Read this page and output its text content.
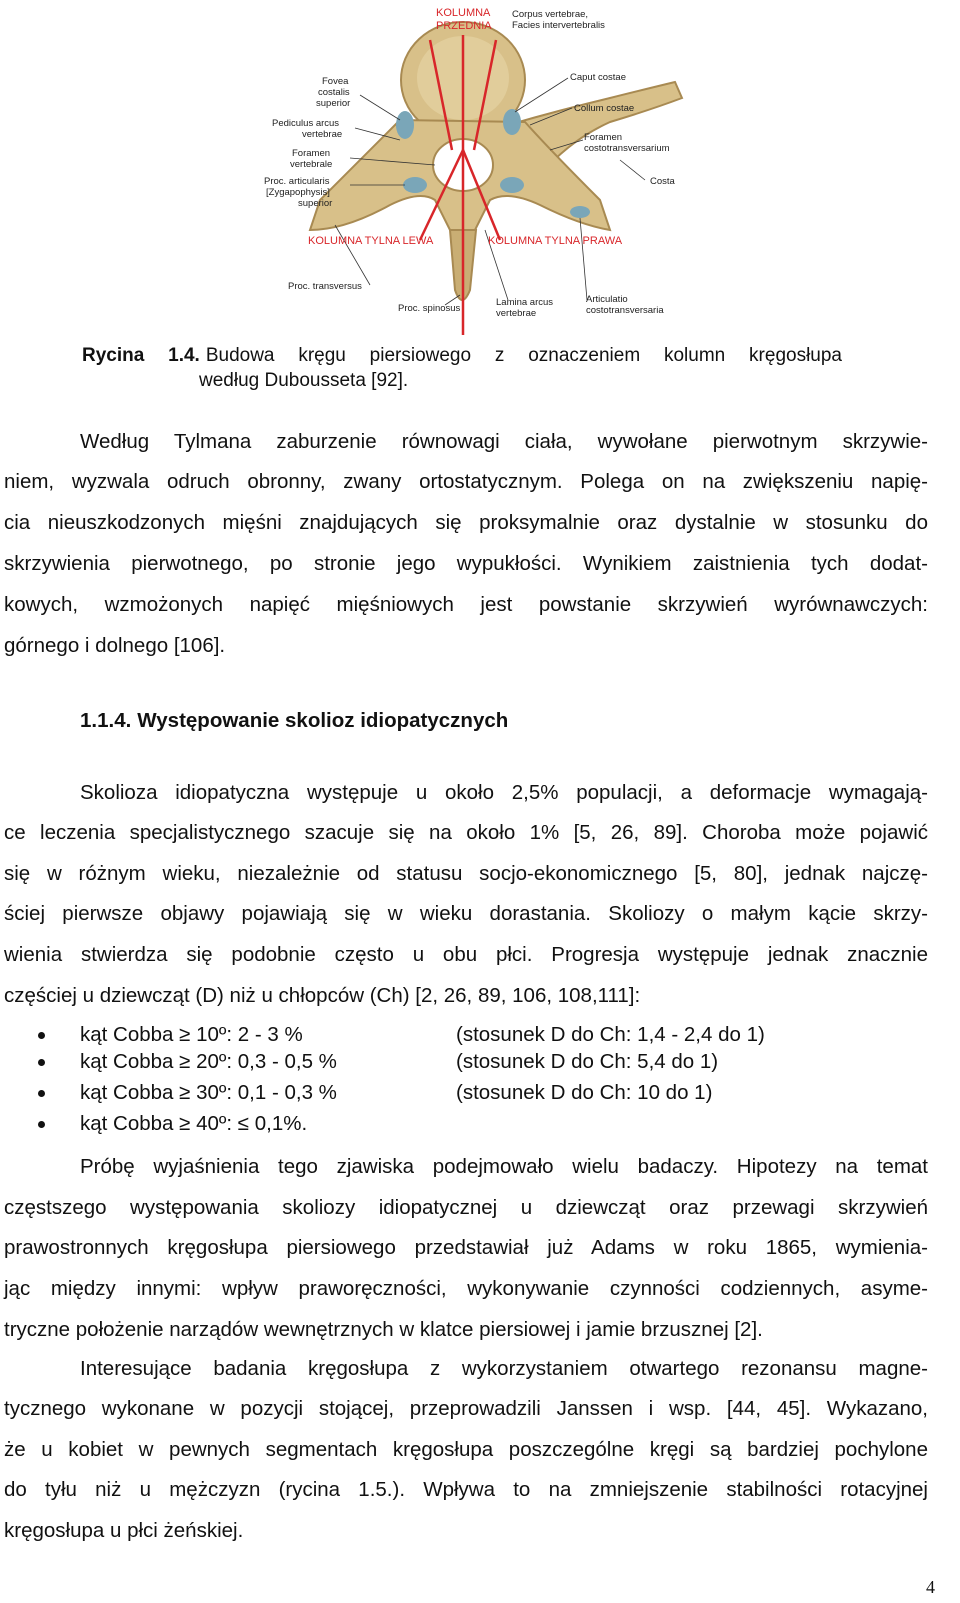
KOLUMNA
PRZEDNIA
KOLUMNA TYLNA LEWA	KOLUMNA TYLNA PRAWA
Corpus vertebrae,
Facies intervertebralis
Fovea
costalis
superior
Pediculus arcus
vertebrae
Foramen
vertebrale
Proc. articularis
[Zygapophysis]
superior
Caput costae
Collum costae
Foramen
costotransversarium
Costa
Proc. transversus
Proc. spinosus
Lamina arcus
vertebrae
Articulatio
costotransversaria
Rycina 1.4. Budowa kręgu piersiowego z oznaczeniem kolumn kręgosłupa
według Dubousseta [92].
Według Tylmana zaburzenie równowagi ciała, wywołane pierwotnym skrzywie-
niem, wyzwala odruch obronny, zwany ortostatycznym. Polega on na zwiększeniu napię-
cia nieuszkodzonych mięśni znajdujących się proksymalnie oraz dystalnie w stosunku do
skrzywienia pierwotnego, po stronie jego wypukłości. Wynikiem zaistnienia tych dodat-
kowych, wzmożonych napięć mięśniowych jest powstanie skrzywień wyrównawczych:
górnego i dolnego [106].
1.1.4. Występowanie skolioz idiopatycznych
Skolioza idiopatyczna występuje u około 2,5% populacji, a deformacje wymagają-
ce leczenia specjalistycznego szacuje się na około 1% [5, 26, 89]. Choroba może pojawić
się w różnym wieku, niezależnie od statusu socjo-ekonomicznego [5, 80], jednak najczę-
ściej pierwsze objawy pojawiają się w wieku dorastania. Skoliozy o małym kącie skrzy-
wienia stwierdza się podobnie często u obu płci. Progresja występuje jednak znacznie
częściej u dziewcząt (D) niż u chłopców (Ch) [2, 26, 89, 106, 108,111]:
kąt Cobba ≥ 10º: 2 - 3 %	(stosunek D do Ch: 1,4 - 2,4 do 1)
kąt Cobba ≥ 20º: 0,3 - 0,5 %	(stosunek D do Ch: 5,4 do 1)
kąt Cobba ≥ 30º: 0,1 - 0,3 %	(stosunek D do Ch: 10 do 1)
kąt Cobba ≥ 40º: ≤ 0,1%.
Próbę wyjaśnienia tego zjawiska podejmowało wielu badaczy. Hipotezy na temat
częstszego występowania skoliozy idiopatycznej u dziewcząt oraz przewagi skrzywień
prawostronnych kręgosłupa piersiowego przedstawiał już Adams w roku 1865, wymienia-
jąc między innymi: wpływ praworęczności, wykonywanie czynności codziennych, asyme-
tryczne położenie narządów wewnętrznych w klatce piersiowej i jamie brzusznej [2].
Interesujące badania kręgosłupa z wykorzystaniem otwartego rezonansu magne-
tycznego wykonane w pozycji stojącej, przeprowadzili Janssen i wsp. [44, 45]. Wykazano,
że u kobiet w pewnych segmentach kręgosłupa poszczególne kręgi są bardziej pochylone
do tyłu niż u mężczyzn (rycina 1.5.). Wpływa to na zmniejszenie stabilności rotacyjnej
kręgosłupa u płci żeńskiej.
4
